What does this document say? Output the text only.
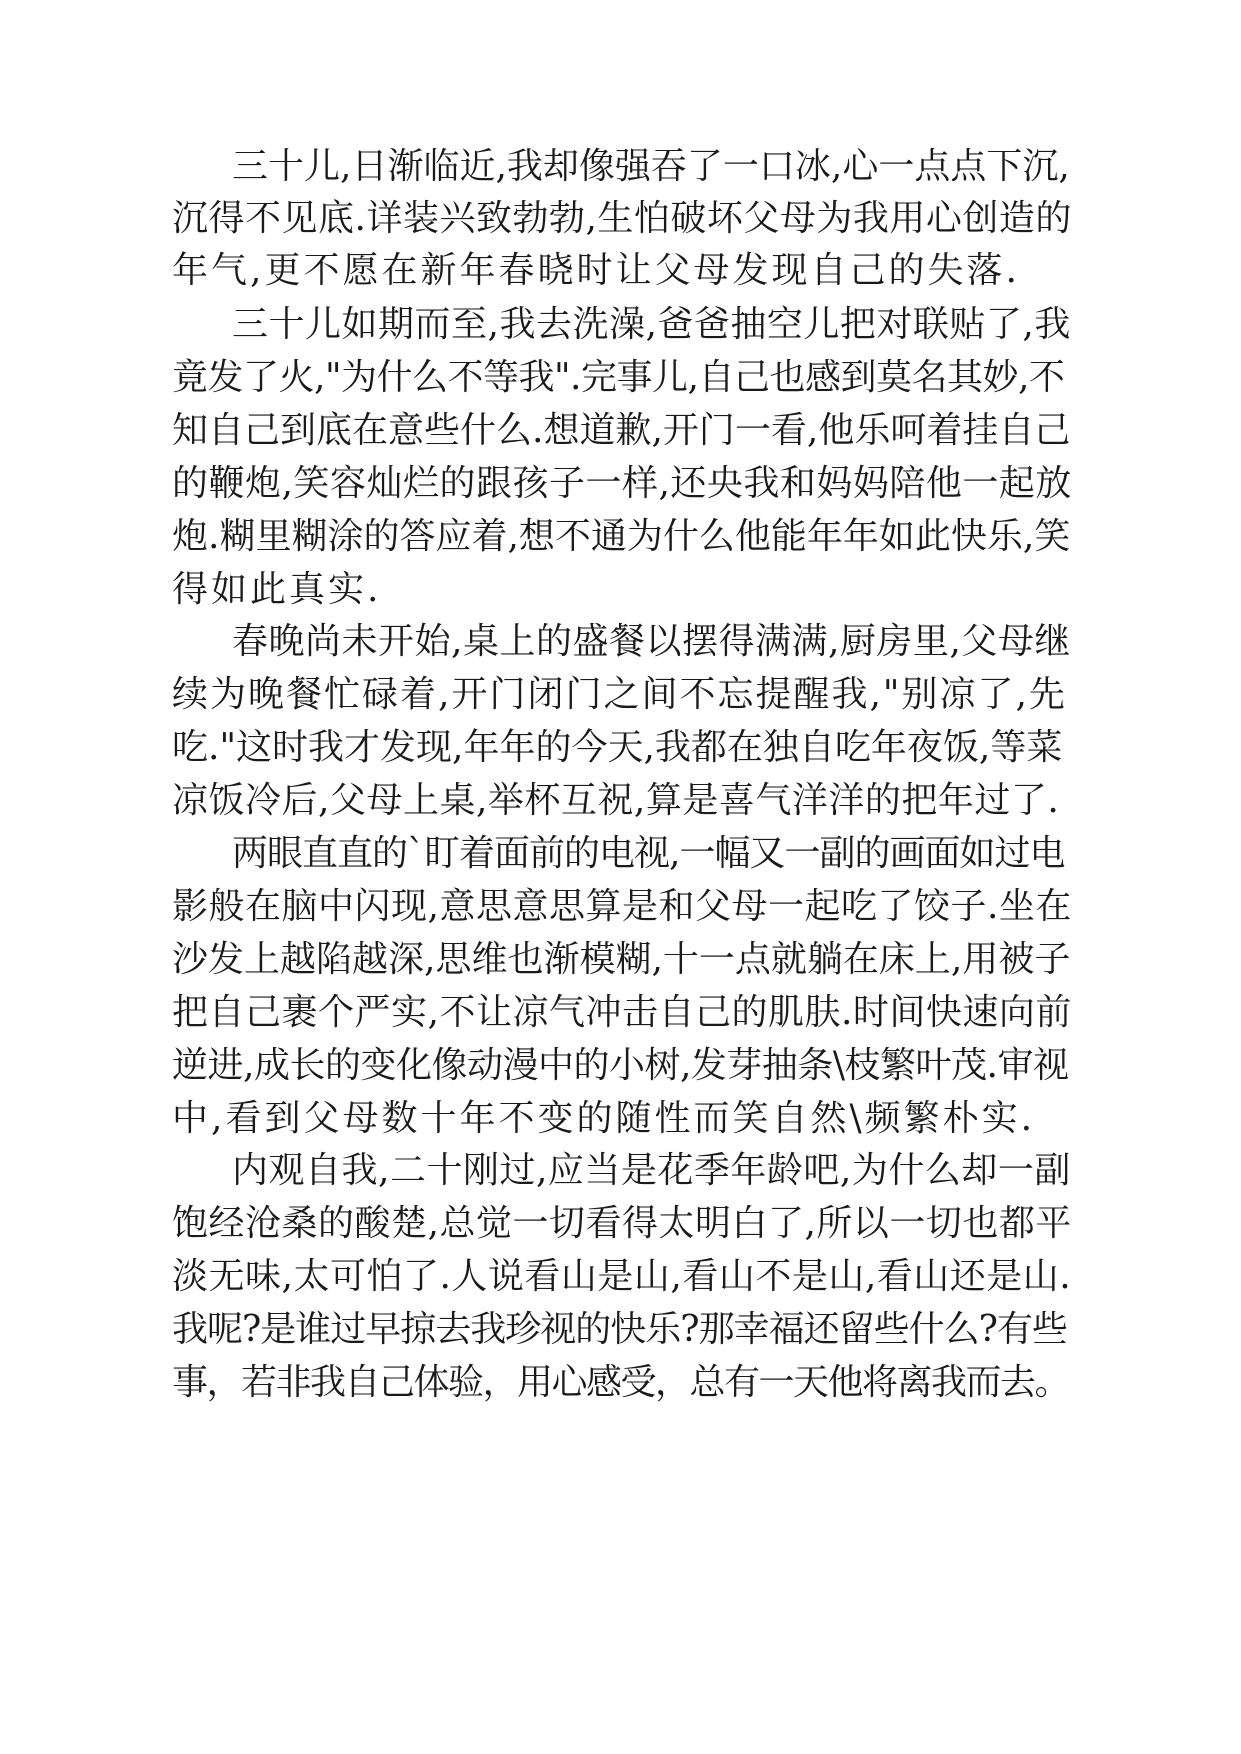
三十儿,日渐临近,我却像强吞了一口冰,心一点点下沉,
沉得不见底.详装兴致勃勃,生怕破坏父母为我用心创造的
年气,更不愿在新年春晓时让父母发现自己的失落.
三十儿如期而至,我去洗澡,爸爸抽空儿把对联贴了,我
竟发了火,"为什么不等我".完事儿,自己也感到莫名其妙,不
知自己到底在意些什么.想道歉,开门一看,他乐呵着挂自己
的鞭炮,笑容灿烂的跟孩子一样,还央我和妈妈陪他一起放
炮.糊里糊涂的答应着,想不通为什么他能年年如此快乐,笑
得如此真实.
春晚尚未开始,桌上的盛餐以摆得满满,厨房里,父母继
续为晚餐忙碌着,开门闭门之间不忘提醒我,"别凉了,先
吃."这时我才发现,年年的今天,我都在独自吃年夜饭,等菜
凉饭冷后,父母上桌,举杯互祝,算是喜气洋洋的把年过了.
两眼直直的`盯着面前的电视,一幅又一副的画面如过电
影般在脑中闪现,意思意思算是和父母一起吃了饺子.坐在
沙发上越陷越深,思维也渐模糊,十一点就躺在床上,用被子
把自己裹个严实,不让凉气冲击自己的肌肤.时间快速向前
逆进,成长的变化像动漫中的小树,发芽抽条\枝繁叶茂.审视
中,看到父母数十年不变的随性而笑自然\频繁朴实.
内观自我,二十刚过,应当是花季年龄吧,为什么却一副
饱经沧桑的酸楚,总觉一切看得太明白了,所以一切也都平
淡无味,太可怕了.人说看山是山,看山不是山,看山还是山.
我呢?是谁过早掠去我珍视的快乐?那幸福还留些什么?有些
事，若非我自己体验，用心感受，总有一天他将离我而去。
